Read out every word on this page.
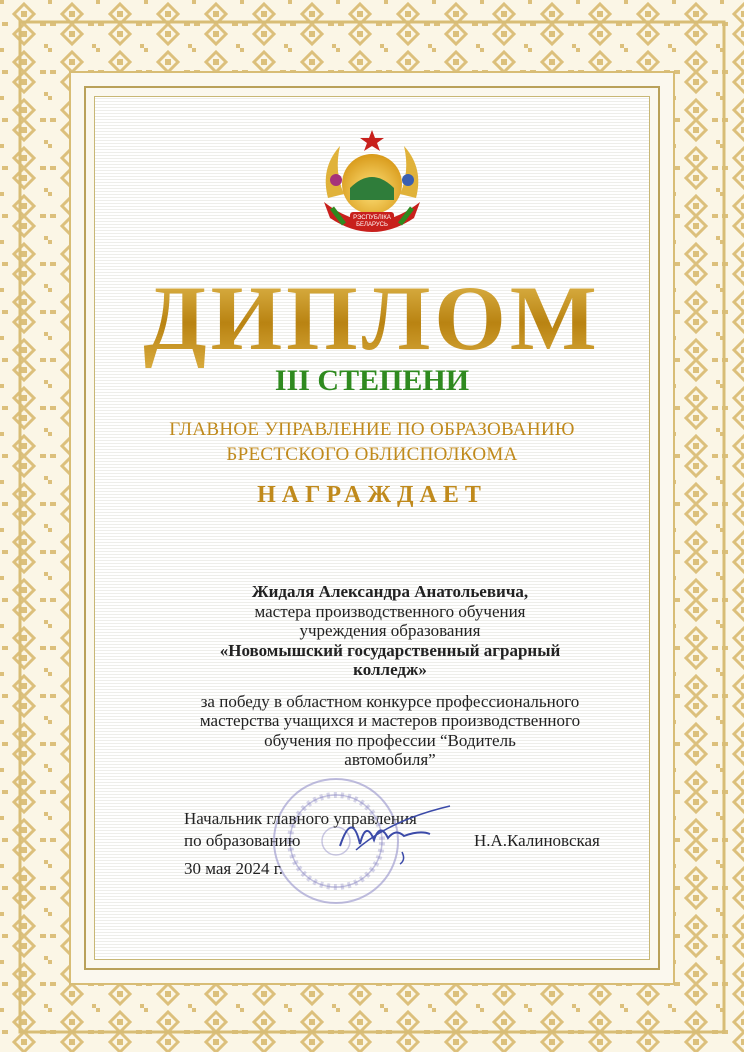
РЭСПУБЛІКА
БЕЛАРУСЬ
ДИПЛОМ
III СТЕПЕНИ
ГЛАВНОЕ УПРАВЛЕНИЕ ПО ОБРАЗОВАНИЮ
БРЕСТСКОГО ОБЛИСПОЛКОМА
НАГРАЖДАЕТ
Жидаля Александра Анатольевича,
мастера производственного обучения
учреждения образования
«Новомышский государственный аграрный
колледж»
за победу в областном конкурсе профессионального
мастерства учащихся и мастеров производственного
обучения по профессии “Водитель
автомобиля”
Начальник главного управления
по образованию	Н.А.Калиновская
30 мая 2024 г.
